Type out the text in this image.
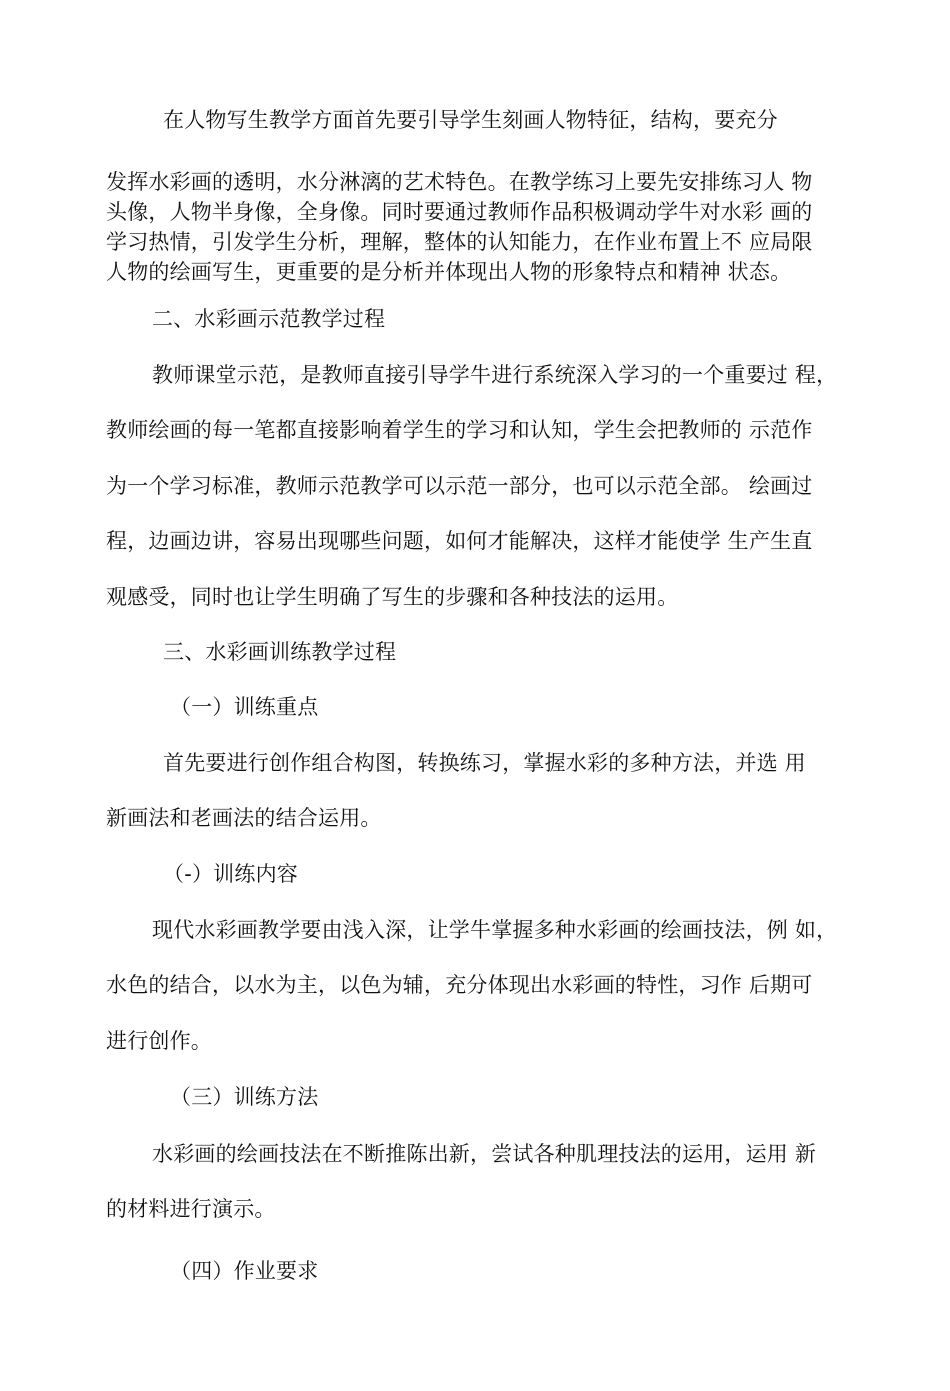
在人物写生教学方面首先要引导学生刻画人物特征，结构，要充分
发挥水彩画的透明，水分淋漓的艺术特色。在教学练习上要先安排练习人 物
头像，人物半身像，全身像。同时要通过教师作品积极调动学牛对水彩 画的
学习热情，引发学生分析，理解，整体的认知能力，在作业布置上不 应局限
人物的绘画写生，更重要的是分析并体现出人物的形象特点和精神 状态。
二、水彩画示范教学过程
教师课堂示范，是教师直接引导学牛进行系统深入学习的一个重要过 程，
教师绘画的每一笔都直接影响着学生的学习和认知，学生会把教师的 示范作
为一个学习标准，教师示范教学可以示范一部分，也可以示范全部。 绘画过
程，边画边讲，容易出现哪些问题，如何才能解决，这样才能使学 生产生直
观感受，同时也让学生明确了写生的步骤和各种技法的运用。
三、水彩画训练教学过程
（一）训练重点
首先要进行创作组合构图，转换练习，掌握水彩的多种方法，并选 用
新画法和老画法的结合运用。
（-）训练内容
现代水彩画教学要由浅入深，让学牛掌握多种水彩画的绘画技法，例 如，
水色的结合，以水为主，以色为辅，充分体现出水彩画的特性，习作 后期可
进行创作。
（三）训练方法
水彩画的绘画技法在不断推陈出新，尝试各种肌理技法的运用，运用 新
的材料进行演示。
（四）作业要求
